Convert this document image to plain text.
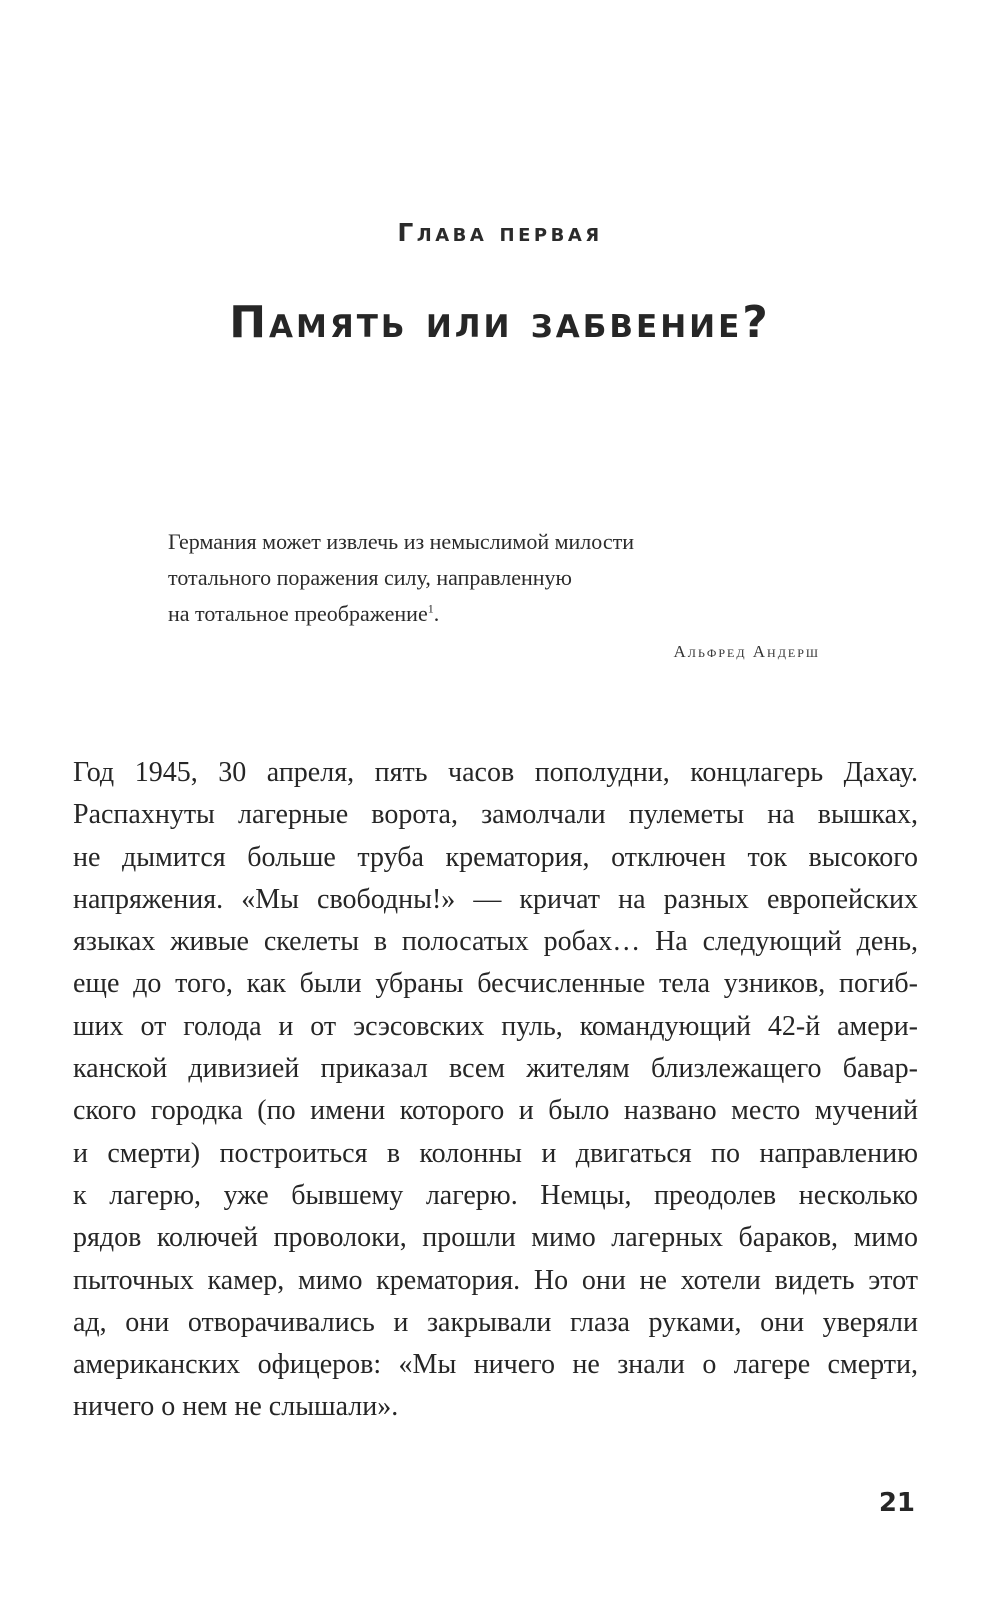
Глава первая
Память или забвение?
Германия может извлечь из немыслимой милости
тотального поражения силу, направленную
на тотальное преображение$^1$.
Альфред Андерш
Год 1945, 30 апреля, пять часов пополудни, концлагерь Дахау.
Распахнуты лагерные ворота, замолчали пулеметы на вышках,
не дымится больше труба крематория, отключен ток высокого
напряжения. «Мы свободны!» — кричат на разных европейских
языках живые скелеты в полосатых робах… На следующий день,
еще до того, как были убраны бесчисленные тела узников, погиб-
ших от голода и от эсэсовских пуль, командующий 42-й амери-
канской дивизией приказал всем жителям близлежащего бавар-
ского городка (по имени которого и было названо место мучений
и смерти) построиться в колонны и двигаться по направлению
к лагерю, уже бывшему лагерю. Немцы, преодолев несколько
рядов колючей проволоки, прошли мимо лагерных бараков, мимо
пыточных камер, мимо крематория. Но они не хотели видеть этот
ад, они отворачивались и закрывали глаза руками, они уверяли
американских офицеров: «Мы ничего не знали о лагере смерти,
ничего о нем не слышали».
21
